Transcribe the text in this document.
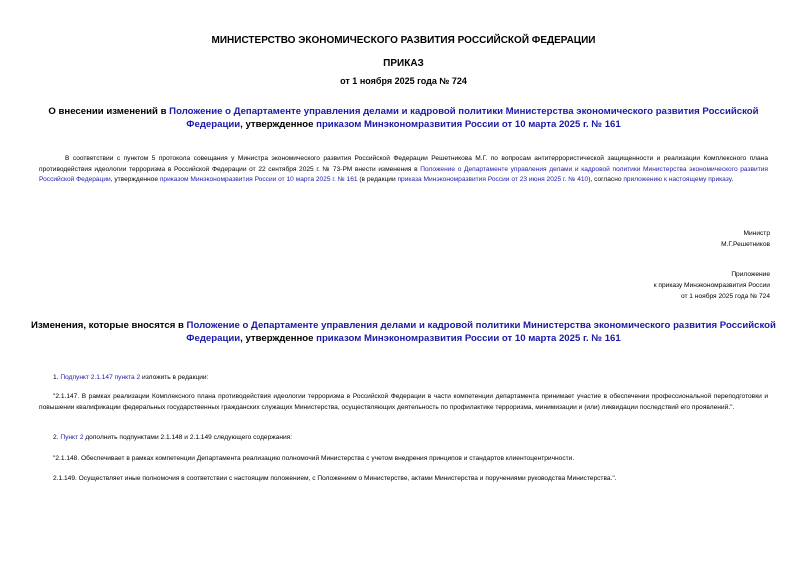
МИНИСТЕРСТВО ЭКОНОМИЧЕСКОГО РАЗВИТИЯ РОССИЙСКОЙ ФЕДЕРАЦИИ
ПРИКАЗ
от 1 ноября 2025 года № 724
О внесении изменений в Положение о Департаменте управления делами и кадровой политики Министерства экономического развития Российской Федерации, утвержденное приказом Минэкономразвития России от 10 марта 2025 г. № 161
В соответствии с пунктом 5 протокола совещания у Министра экономического развития Российской Федерации Решетникова М.Г. по вопросам антитеррористической защищенности и реализации Комплексного плана противодействия идеологии терроризма в Российской Федерации от 22 сентября 2025 г. № 73-РМ внести изменения в Положение о Департаменте управления делами и кадровой политики Министерства экономического развития Российской Федерации, утвержденное приказом Минэкономразвития России от 10 марта 2025 г. № 161 (в редакции приказа Минэкономразвития России от 23 июня 2025 г. № 410), согласно приложению к настоящему приказу.
Министр
М.Г.Решетников
Приложение
к приказу Минэкономразвития России
от 1 ноября 2025 года № 724
Изменения, которые вносятся в Положение о Департаменте управления делами и кадровой политики Министерства экономического развития Российской Федерации, утвержденное приказом Минэкономразвития России от 10 марта 2025 г. № 161
1. Подпункт 2.1.147 пункта 2 изложить в редакции:
"2.1.147. В рамках реализации Комплексного плана противодействия идеологии терроризма в Российской Федерации в части компетенции департамента принимает участие в обеспечении профессиональной переподготовки и повышении квалификации федеральных государственных гражданских служащих Министерства, осуществляющих деятельность по профилактике терроризма, минимизации и (или) ликвидации последствий его проявлений.".
2. Пункт 2 дополнить подпунктами 2.1.148 и 2.1.149 следующего содержания:
"2.1.148. Обеспечивает в рамках компетенции Департамента реализацию полномочий Министерства с учетом внедрения принципов и стандартов клиентоцентричности.
2.1.149. Осуществляет иные полномочия в соответствии с настоящим положением, с Положением о Министерстве, актами Министерства и поручениями руководства Министерства.".
